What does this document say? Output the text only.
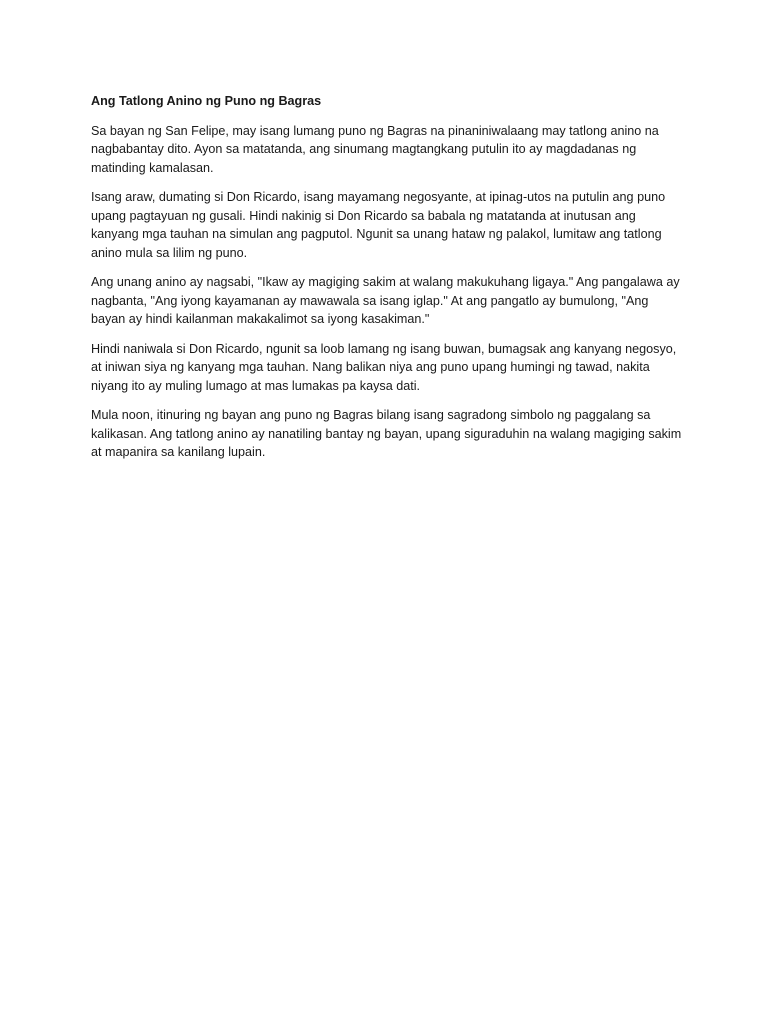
Ang Tatlong Anino ng Puno ng Bagras

Sa bayan ng San Felipe, may isang lumang puno ng Bagras na pinaniniwalaang may tatlong anino na nagbabantay dito. Ayon sa matatanda, ang sinumang magtangkang putulin ito ay magdadanas ng matinding kamalasan.

Isang araw, dumating si Don Ricardo, isang mayamang negosyante, at ipinag-utos na putulin ang puno upang pagtayuan ng gusali. Hindi nakinig si Don Ricardo sa babala ng matatanda at inutusan ang kanyang mga tauhan na simulan ang pagputol. Ngunit sa unang hataw ng palakol, lumitaw ang tatlong anino mula sa lilim ng puno.

Ang unang anino ay nagsabi, "Ikaw ay magiging sakim at walang makukuhang ligaya." Ang pangalawa ay nagbanta, "Ang iyong kayamanan ay mawawala sa isang iglap." At ang pangatlo ay bumulong, "Ang bayan ay hindi kailanman makakalimot sa iyong kasakiman."

Hindi naniwala si Don Ricardo, ngunit sa loob lamang ng isang buwan, bumagsak ang kanyang negosyo, at iniwan siya ng kanyang mga tauhan. Nang balikan niya ang puno upang humingi ng tawad, nakita niyang ito ay muling lumago at mas lumakas pa kaysa dati.

Mula noon, itinuring ng bayan ang puno ng Bagras bilang isang sagradong simbolo ng paggalang sa kalikasan. Ang tatlong anino ay nanatiling bantay ng bayan, upang siguraduhin na walang magiging sakim at mapanira sa kanilang lupain.
